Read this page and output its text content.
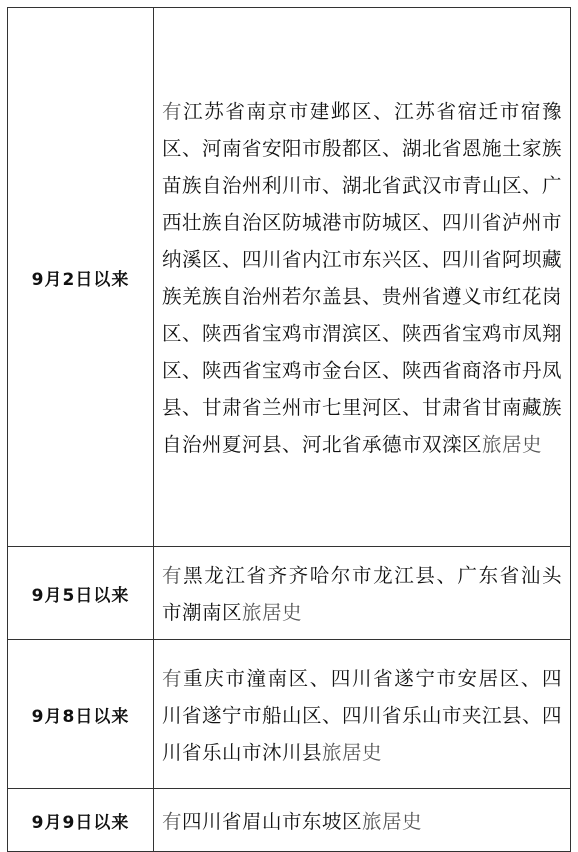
9月2日以来	有江苏省南京市建邺区、江苏省宿迁市宿豫区、河南省安阳市殷都区、湖北省恩施土家族苗族自治州利川市、湖北省武汉市青山区、广西壮族自治区防城港市防城区、四川省泸州市纳溪区、四川省内江市东兴区、四川省阿坝藏族羌族自治州若尔盖县、贵州省遵义市红花岗区、陕西省宝鸡市渭滨区、陕西省宝鸡市凤翔区、陕西省宝鸡市金台区、陕西省商洛市丹凤县、甘肃省兰州市七里河区、甘肃省甘南藏族自治州夏河县、河北省承德市双滦区旅居史
9月5日以来	有黑龙江省齐齐哈尔市龙江县、广东省汕头市潮南区旅居史
9月8日以来	有重庆市潼南区、四川省遂宁市安居区、四川省遂宁市船山区、四川省乐山市夹江县、四川省乐山市沐川县旅居史
9月9日以来	有四川省眉山市东坡区旅居史
